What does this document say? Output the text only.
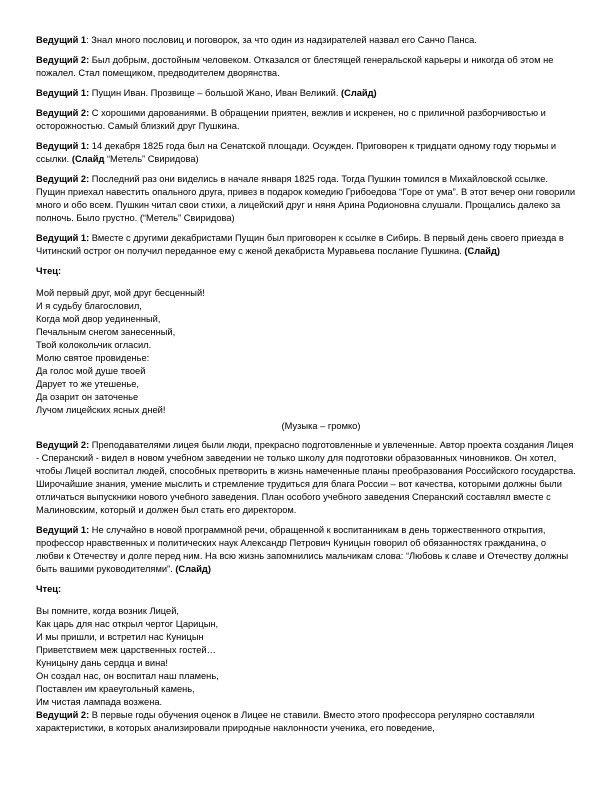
Ведущий 1: Знал много пословиц и поговорок, за что один из надзирателей назвал его Санчо Панса.

Ведущий 2: Был добрым, достойным человеком. Отказался от блестящей генеральской карьеры и никогда об этом не пожалел. Стал помещиком, предводителем дворянства.

Ведущий 1: Пущин Иван. Прозвище – большой Жано, Иван Великий. (Слайд)

Ведущий 2: С хорошими дарованиями. В обращении приятен, вежлив и искренен, но с приличной разборчивостью и осторожностью. Самый близкий друг Пушкина.

Ведущий 1: 14 декабря 1825 года был на Сенатской площади. Осужден. Приговорен к тридцати одному году тюрьмы и ссылки. (Слайд “Метель” Свиридова)

Ведущий 2: Последний раз они виделись в начале января 1825 года. Тогда Пушкин томился в Михайловской ссылке. Пущин приехал навестить опального друга, привез в подарок комедию Грибоедова “Горе от ума”. В этот вечер они говорили много и обо всем. Пушкин читал свои стихи, а лицейский друг и няня Арина Родионовна слушали. Прощались далеко за полночь. Было грустно. (“Метель” Свиридова)

Ведущий 1: Вместе с другими декабристами Пущин был приговорен к ссылке в Сибирь. В первый день своего приезда в Читинский острог он получил переданное ему с женой декабриста Муравьева послание Пушкина. (Слайд)

Чтец:

Мой первый друг, мой друг бесценный!
И я судьбу благословил,
Когда мой двор уединенный,
Печальным снегом занесенный,
Твой колокольчик огласил.
Молю святое провиденье:
Да голос мой душе твоей
Дарует то же утешенье,
Да озарит он заточенье
Лучом лицейских ясных дней!

(Музыка – громко)

Ведущий 2: Преподавателями лицея были люди, прекрасно подготовленные и увлеченные. Автор проекта создания Лицея - Сперанский - видел в новом учебном заведении не только школу для подготовки образованных чиновников. Он хотел, чтобы Лицей воспитал людей, способных претворить в жизнь намеченные планы преобразования Российского государства. Широчайшие знания, умение мыслить и стремление трудиться для блага России – вот качества, которыми должны были отличаться выпускники нового учебного заведения. План особого учебного заведения Сперанский составлял вместе с Малиновским, который и должен был стать его директором.

Ведущий 1: Не случайно в новой программной речи, обращенной к воспитанникам в день торжественного открытия, профессор нравственных и политических наук Александр Петрович Куницын говорил об обязанностях гражданина, о любви к Отечеству и долге перед ним. На всю жизнь запомнились мальчикам слова: “Любовь к славе и Отечеству должны быть вашими руководителями”. (Слайд)

Чтец:

Вы помните, когда возник Лицей,
Как царь для нас открыл чертог Царицын,
И мы пришли, и встретил нас Куницын
Приветствием меж царственных гостей…
Куницыну дань сердца и вина!
Он создал нас, он воспитал наш пламень,
Поставлен им краеугольный камень,
Им чистая лампада возжена.

Ведущий 2: В первые годы обучения оценок в Лицее не ставили. Вместо этого профессора регулярно составляли характеристики, в которых анализировали природные наклонности ученика, его поведение,
